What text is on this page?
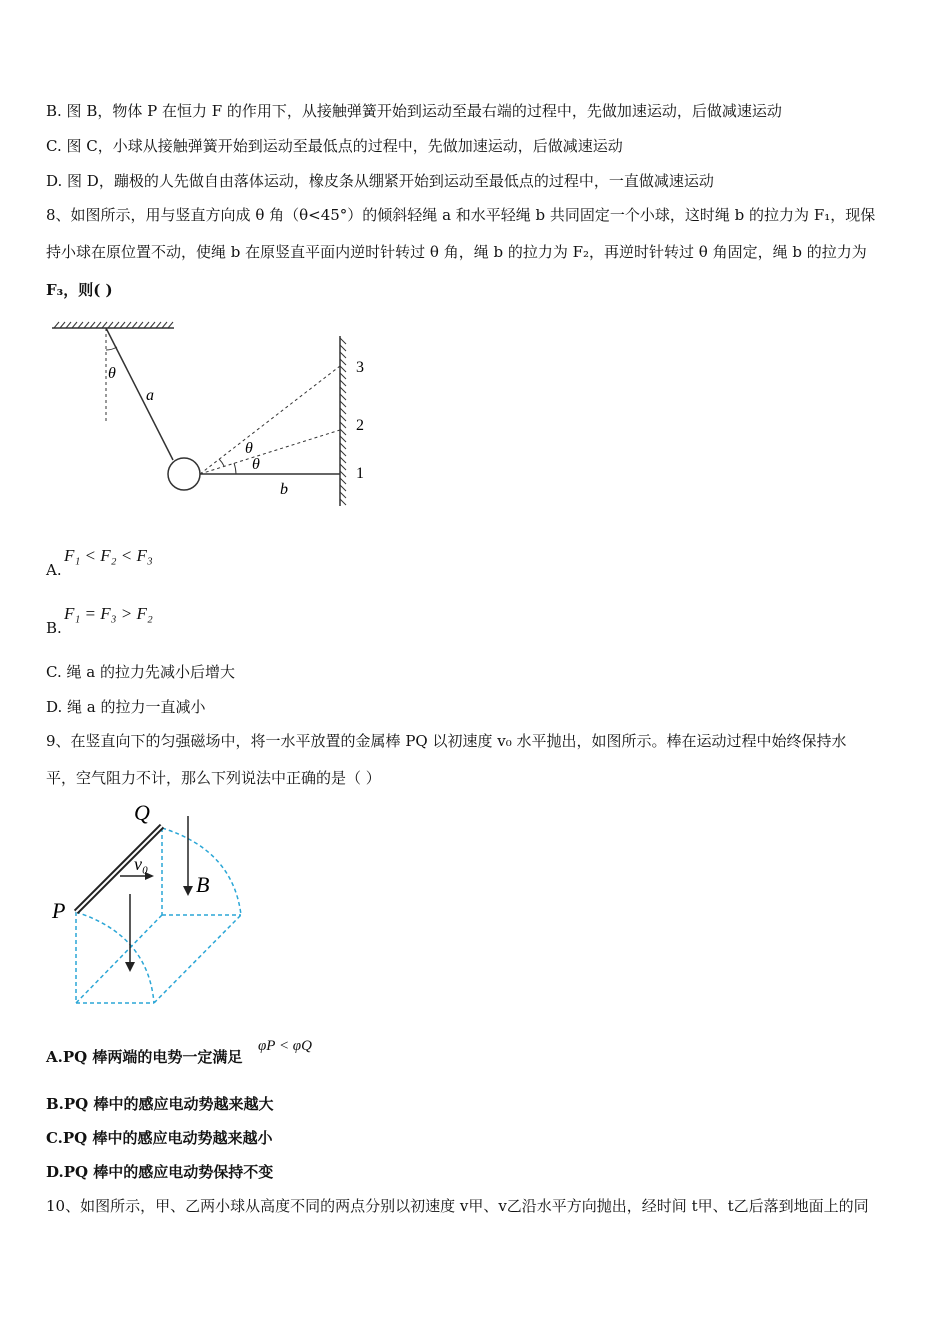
B. 图 B，物体 P 在恒力 F 的作用下，从接触弹簧开始到运动至最右端的过程中，先做加速运动，后做减速运动
C. 图 C，小球从接触弹簧开始到运动至最低点的过程中，先做加速运动，后做减速运动
D. 图 D，蹦极的人先做自由落体运动，橡皮条从绷紧开始到运动至最低点的过程中，一直做减速运动
8、如图所示，用与竖直方向成 θ 角（θ<45°）的倾斜轻绳 a 和水平轻绳 b 共同固定一个小球，这时绳 b 的拉力为 F₁，现保
持小球在原位置不动，使绳 b 在原竖直平面内逆时针转过 θ 角，绳 b 的拉力为 F₂，再逆时针转过 θ 角固定，绳 b 的拉力为
F₃，则( )
θ
a
θ
θ
b
3
2
1
A.
F₁ < F₂ < F₃
B.
F₁ = F₃ > F₂
C. 绳 a 的拉力先减小后增大
D. 绳 a 的拉力一直减小
9、在竖直向下的匀强磁场中，将一水平放置的金属棒 PQ 以初速度 v₀ 水平抛出，如图所示。棒在运动过程中始终保持水
平，空气阻力不计，那么下列说法中正确的是（ ）
Q
v₀
B
P
A.PQ 棒两端的电势一定满足
φP < φQ
B.PQ 棒中的感应电动势越来越大
C.PQ 棒中的感应电动势越来越小
D.PQ 棒中的感应电动势保持不变
10、如图所示，甲、乙两小球从高度不同的两点分别以初速度 v甲、v乙沿水平方向抛出，经时间 t甲、t乙后落到地面上的同
